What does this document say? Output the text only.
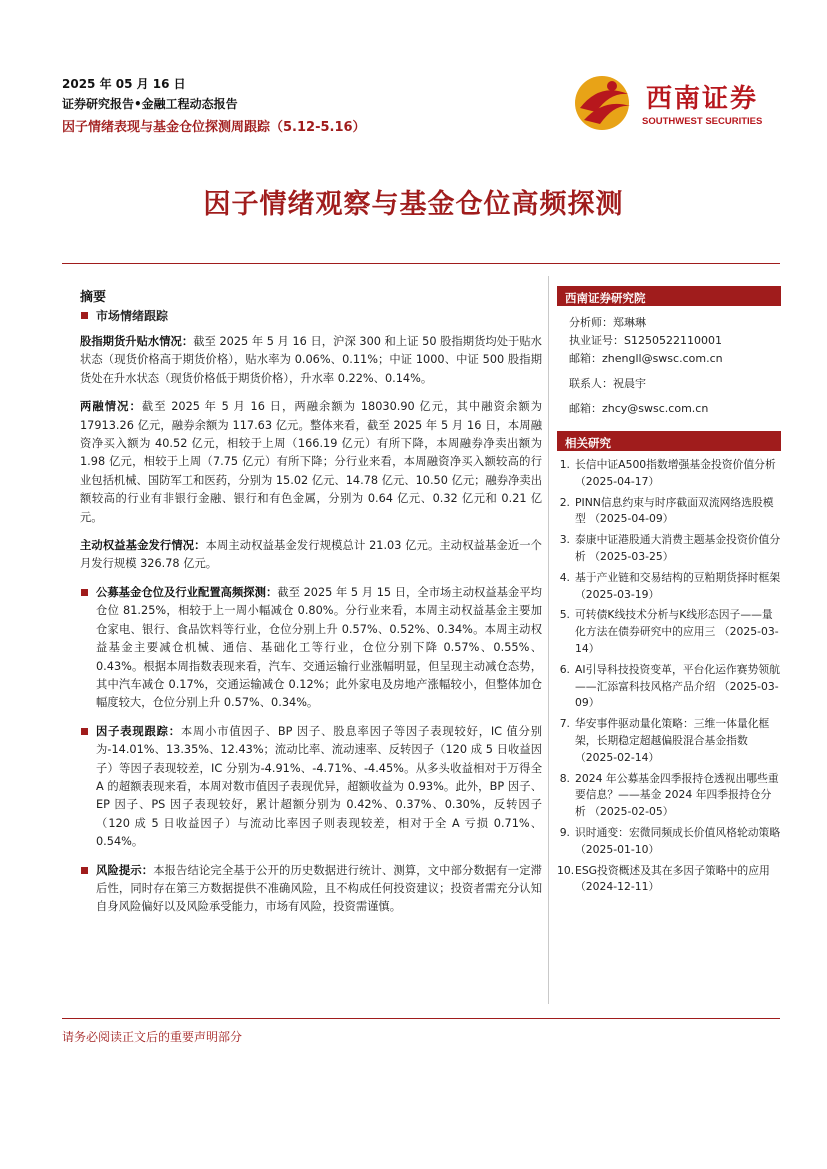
2025 年 05 月 16 日
证券研究报告•金融工程动态报告
因子情绪表现与基金仓位探测周跟踪（5.12-5.16）
西南证券
SOUTHWEST SECURITIES
因子情绪观察与基金仓位高频探测
摘要
市场情绪跟踪
股指期货升贴水情况：截至 2025 年 5 月 16 日，沪深 300 和上证 50 股指期货均处于贴水状态（现货价格高于期货价格），贴水率为 0.06%、0.11%；中证 1000、中证 500 股指期货处在升水状态（现货价格低于期货价格），升水率 0.22%、0.14%。
两融情况：截至 2025 年 5 月 16 日，两融余额为 18030.90 亿元，其中融资余额为 17913.26 亿元，融券余额为 117.63 亿元。整体来看，截至 2025 年 5 月 16 日，本周融资净买入额为 40.52 亿元，相较于上周（166.19 亿元）有所下降，本周融券净卖出额为 1.98 亿元，相较于上周（7.75 亿元）有所下降；分行业来看，本周融资净买入额较高的行业包括机械、国防军工和医药，分别为 15.02 亿元、14.78 亿元、10.50 亿元；融券净卖出额较高的行业有非银行金融、银行和有色金属，分别为 0.64 亿元、0.32 亿元和 0.21 亿元。
主动权益基金发行情况：本周主动权益基金发行规模总计 21.03 亿元。主动权益基金近一个月发行规模 326.78 亿元。
公募基金仓位及行业配置高频探测：截至 2025 年 5 月 15 日，全市场主动权益基金平均仓位 81.25%，相较于上一周小幅减仓 0.80%。分行业来看，本周主动权益基金主要加仓家电、银行、食品饮料等行业，仓位分别上升 0.57%、0.52%、0.34%。本周主动权益基金主要减仓机械、通信、基础化工等行业，仓位分别下降 0.57%、0.55%、0.43%。根据本周指数表现来看，汽车、交通运输行业涨幅明显，但呈现主动减仓态势，其中汽车减仓 0.17%，交通运输减仓 0.12%；此外家电及房地产涨幅较小，但整体加仓幅度较大，仓位分别上升 0.57%、0.34%。
因子表现跟踪：本周小市值因子、BP 因子、股息率因子等因子表现较好，IC 值分别为-14.01%、13.35%、12.43%；流动比率、流动速率、反转因子（120 成 5 日收益因子）等因子表现较差，IC 分别为-4.91%、-4.71%、-4.45%。从多头收益相对于万得全 A 的超额表现来看，本周对数市值因子表现优异，超额收益为 0.93%。此外，BP 因子、EP 因子、PS 因子表现较好，累计超额分别为 0.42%、0.37%、0.30%，反转因子（120 成 5 日收益因子）与流动比率因子则表现较差，相对于全 A 亏损 0.71%、0.54%。
风险提示：本报告结论完全基于公开的历史数据进行统计、测算，文中部分数据有一定滞后性，同时存在第三方数据提供不准确风险，且不构成任何投资建议；投资者需充分认知自身风险偏好以及风险承受能力，市场有风险，投资需谨慎。
西南证券研究院
分析师：郑琳琳
执业证号：S1250522110001
邮箱：zhengll@swsc.com.cn
联系人：祝晨宇
邮箱：zhcy@swsc.com.cn
相关研究
1. 长信中证A500指数增强基金投资价值分析 （2025-04-17）
2. PINN信息约束与时序截面双流网络选股模型 （2025-04-09）
3. 泰康中证港股通大消费主题基金投资价值分析 （2025-03-25）
4. 基于产业链和交易结构的豆粕期货择时框架 （2025-03-19）
5. 可转债K线技术分析与K线形态因子——量化方法在债券研究中的应用三 （2025-03-14）
6. AI引导科技投资变革，平台化运作赛势领航——汇添富科技风格产品介绍 （2025-03-09）
7. 华安事件驱动量化策略：三维一体量化框架，长期稳定超越偏股混合基金指数 （2025-02-14）
8. 2024 年公募基金四季报持仓透视出哪些重要信息？——基金 2024 年四季报持仓分析 （2025-02-05）
9. 识时通变：宏微同频成长价值风格轮动策略 （2025-01-10）
10. ESG投资概述及其在多因子策略中的应用 （2024-12-11）
请务必阅读正文后的重要声明部分
